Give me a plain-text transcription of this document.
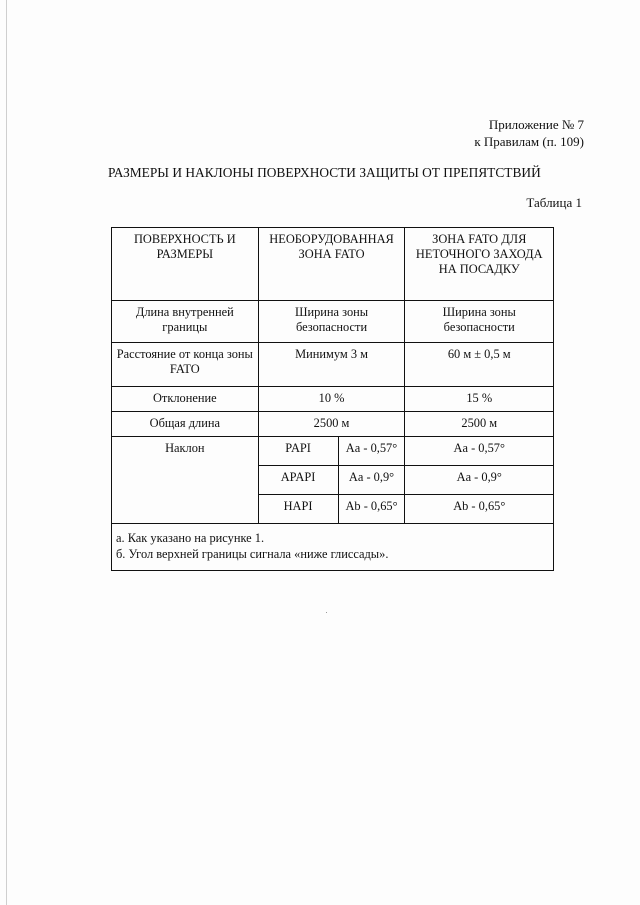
Приложение № 7
к Правилам (п. 109)
РАЗМЕРЫ И НАКЛОНЫ ПОВЕРХНОСТИ ЗАЩИТЫ ОТ ПРЕПЯТСТВИЙ
Таблица 1
ПОВЕРХНОСТЬ И РАЗМЕРЫ	НЕОБОРУДОВАННАЯ ЗОНА FATO		ЗОНА FATO ДЛЯ НЕТОЧНОГО ЗАХОДА НА ПОСАДКУ
Длина внутренней границы	Ширина зоны безопасности		Ширина зоны безопасности
Расстояние от конца зоны FATO	Минимум 3 м		60 м ± 0,5 м
Отклонение	10 %		15 %
Общая длина	2500 м		2500 м
Наклон	PAPI	Aa - 0,57°	Aa - 0,57°
	APAPI	Aa - 0,9°	Aa - 0,9°
	HAPI	Ab - 0,65°	Ab - 0,65°

а. Как указано на рисунке 1.
б. Угол верхней границы сигнала «ниже глиссады».			
